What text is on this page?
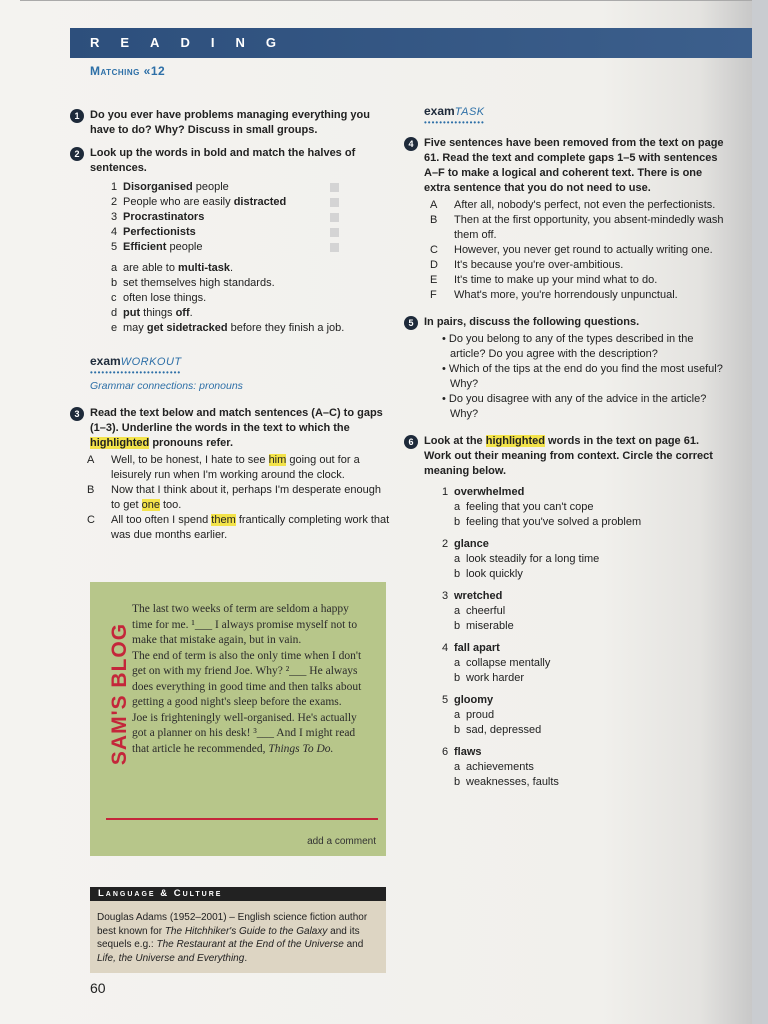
READING
Matching «12
1 Do you ever have problems managing everything you have to do? Why? Discuss in small groups.
2 Look up the words in bold and match the halves of sentences.
1 Disorganised people
2 People who are easily distracted
3 Procrastinators
4 Perfectionists
5 Efficient people
a are able to multi-task.
b set themselves high standards.
c often lose things.
d put things off.
e may get sidetracked before they finish a job.
examWORKOUT
••••••••••••••••••••••••
Grammar connections: pronouns
3 Read the text below and match sentences (A–C) to gaps (1–3). Underline the words in the text to which the highlighted pronouns refer.
A Well, to be honest, I hate to see him going out for a leisurely run when I'm working around the clock.
B Now that I think about it, perhaps I'm desperate enough to get one too.
C All too often I spend them frantically completing work that was due months earlier.
SAM'S BLOG

The last two weeks of term are seldom a happy time for me. ¹___ I always promise myself not to make that mistake again, but in vain.

The end of term is also the only time when I don't get on with my friend Joe. Why? ²___ He always does everything in good time and then talks about getting a good night's sleep before the exams.

Joe is frighteningly well-organised. He's actually got a planner on his desk! ³___ And I might read that article he recommended, Things To Do.

add a comment
Language & Culture
Douglas Adams (1952–2001) – English science fiction author best known for The Hitchhiker's Guide to the Galaxy and its sequels e.g.: The Restaurant at the End of the Universe and Life, the Universe and Everything.
60
examTASK
••••••••••••••••
4 Five sentences have been removed from the text on page 61. Read the text and complete gaps 1–5 with sentences A–F to make a logical and coherent text. There is one extra sentence that you do not need to use.
A After all, nobody's perfect, not even the perfectionists.
B Then at the first opportunity, you absent-mindedly wash them off.
C However, you never get round to actually writing one.
D It's because you're over-ambitious.
E It's time to make up your mind what to do.
F What's more, you're horrendously unpunctual.
5 In pairs, discuss the following questions.
• Do you belong to any of the types described in the article? Do you agree with the description?
• Which of the tips at the end do you find the most useful? Why?
• Do you disagree with any of the advice in the article? Why?
6 Look at the highlighted words in the text on page 61. Work out their meaning from context. Circle the correct meaning below.
1 overwhelmed
a feeling that you can't cope
b feeling that you've solved a problem
2 glance
a look steadily for a long time
b look quickly
3 wretched
a cheerful
b miserable
4 fall apart
a collapse mentally
b work harder
5 gloomy
a proud
b sad, depressed
6 flaws
a achievements
b weaknesses, faults
